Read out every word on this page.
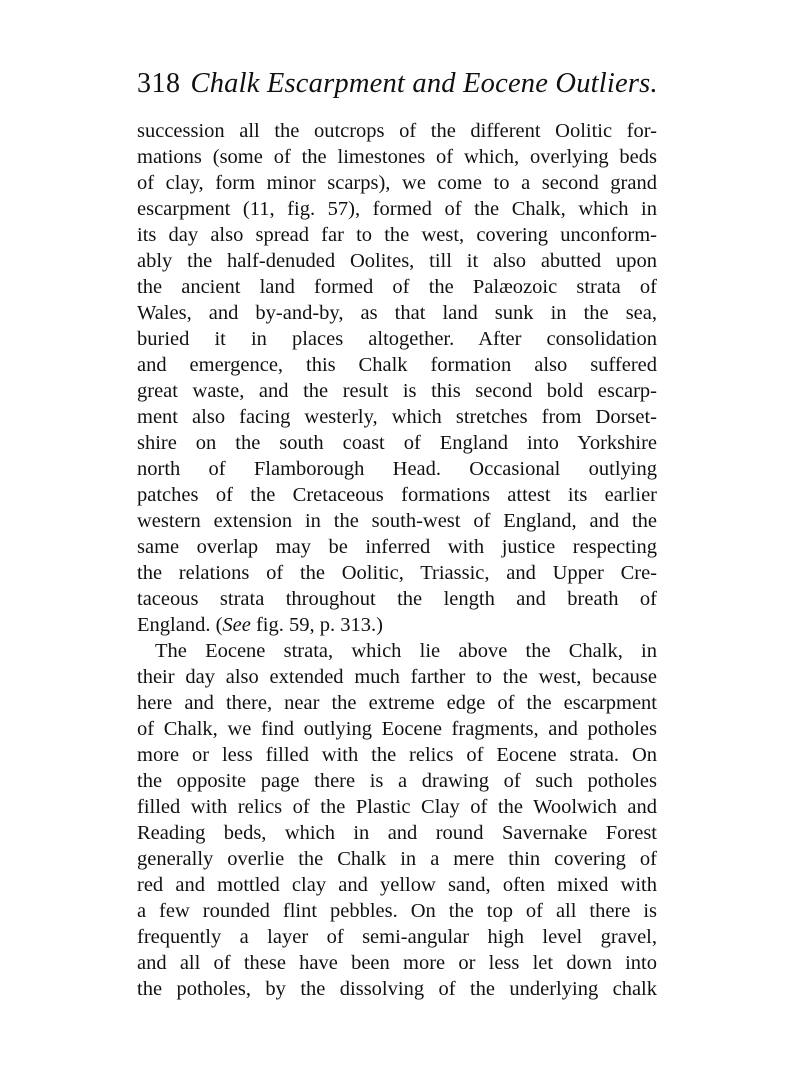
318 Chalk Escarpment and Eocene Outliers.
succession all the outcrops of the different Oolitic for-
mations (some of the limestones of which, overlying beds
of clay, form minor scarps), we come to a second grand
escarpment (11, fig. 57), formed of the Chalk, which in
its day also spread far to the west, covering unconform-
ably the half-denuded Oolites, till it also abutted upon
the ancient land formed of the Palæozoic strata of
Wales, and by-and-by, as that land sunk in the sea,
buried it in places altogether. After consolidation
and emergence, this Chalk formation also suffered
great waste, and the result is this second bold escarp-
ment also facing westerly, which stretches from Dorset-
shire on the south coast of England into Yorkshire
north of Flamborough Head. Occasional outlying
patches of the Cretaceous formations attest its earlier
western extension in the south-west of England, and the
same overlap may be inferred with justice respecting
the relations of the Oolitic, Triassic, and Upper Cre-
taceous strata throughout the length and breath of
England. (See fig. 59, p. 313.)
The Eocene strata, which lie above the Chalk, in
their day also extended much farther to the west, because
here and there, near the extreme edge of the escarpment
of Chalk, we find outlying Eocene fragments, and potholes
more or less filled with the relics of Eocene strata. On
the opposite page there is a drawing of such potholes
filled with relics of the Plastic Clay of the Woolwich and
Reading beds, which in and round Savernake Forest
generally overlie the Chalk in a mere thin covering of
red and mottled clay and yellow sand, often mixed with
a few rounded flint pebbles. On the top of all there is
frequently a layer of semi-angular high level gravel,
and all of these have been more or less let down into
the potholes, by the dissolving of the underlying chalk
